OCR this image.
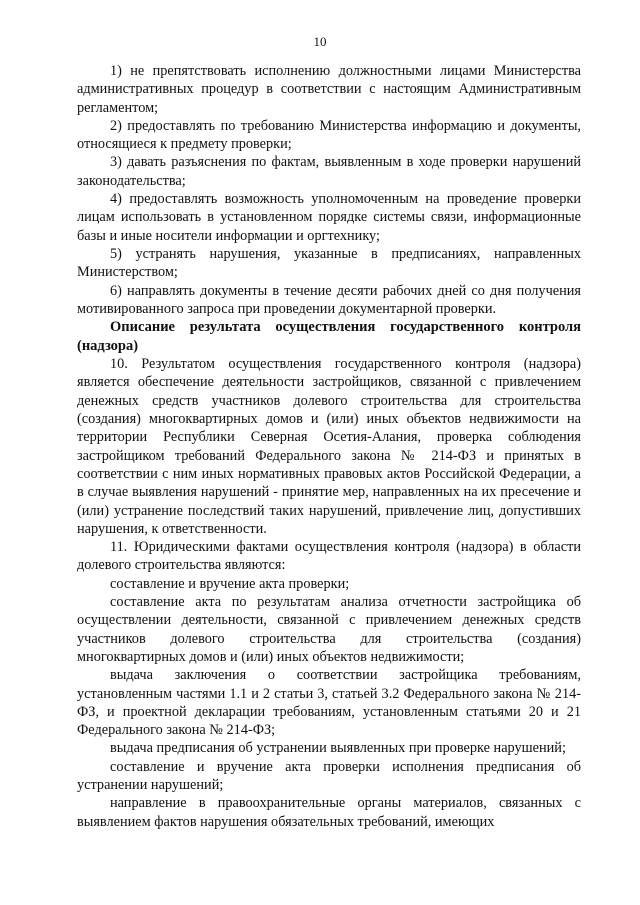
10

1) не препятствовать исполнению должностными лицами Министерства административных процедур в соответствии с настоящим Административным регламентом;

2) предоставлять по требованию Министерства информацию и документы, относящиеся к предмету проверки;

3) давать разъяснения по фактам, выявленным в ходе проверки нарушений законодательства;

4) предоставлять возможность уполномоченным на проведение проверки лицам использовать в установленном порядке системы связи, информационные базы и иные носители информации и оргтехнику;

5) устранять нарушения, указанные в предписаниях, направленных Министерством;

6) направлять документы в течение десяти рабочих дней со дня получения мотивированного запроса при проведении документарной проверки.

Описание результата осуществления государственного контроля (надзора)

10. Результатом осуществления государственного контроля (надзора) является обеспечение деятельности застройщиков, связанной с привлечением денежных средств участников долевого строительства для строительства (создания) многоквартирных домов и (или) иных объектов недвижимости на территории Республики Северная Осетия-Алания, проверка соблюдения застройщиком требований Федерального закона № 214-ФЗ и принятых в соответствии с ним иных нормативных правовых актов Российской Федерации, а в случае выявления нарушений - принятие мер, направленных на их пресечение и (или) устранение последствий таких нарушений, привлечение лиц, допустивших нарушения, к ответственности.

11. Юридическими фактами осуществления контроля (надзора) в области долевого строительства являются:

составление и вручение акта проверки;

составление акта по результатам анализа отчетности застройщика об осуществлении деятельности, связанной с привлечением денежных средств участников долевого строительства для строительства (создания) многоквартирных домов и (или) иных объектов недвижимости;

выдача заключения о соответствии застройщика требованиям, установленным частями 1.1 и 2 статьи 3, статьей 3.2 Федерального закона № 214-ФЗ, и проектной декларации требованиям, установленным статьями 20 и 21 Федерального закона № 214-ФЗ;

выдача предписания об устранении выявленных при проверке нарушений;

составление и вручение акта проверки исполнения предписания об устранении нарушений;

направление в правоохранительные органы материалов, связанных с выявлением фактов нарушения обязательных требований, имеющих
